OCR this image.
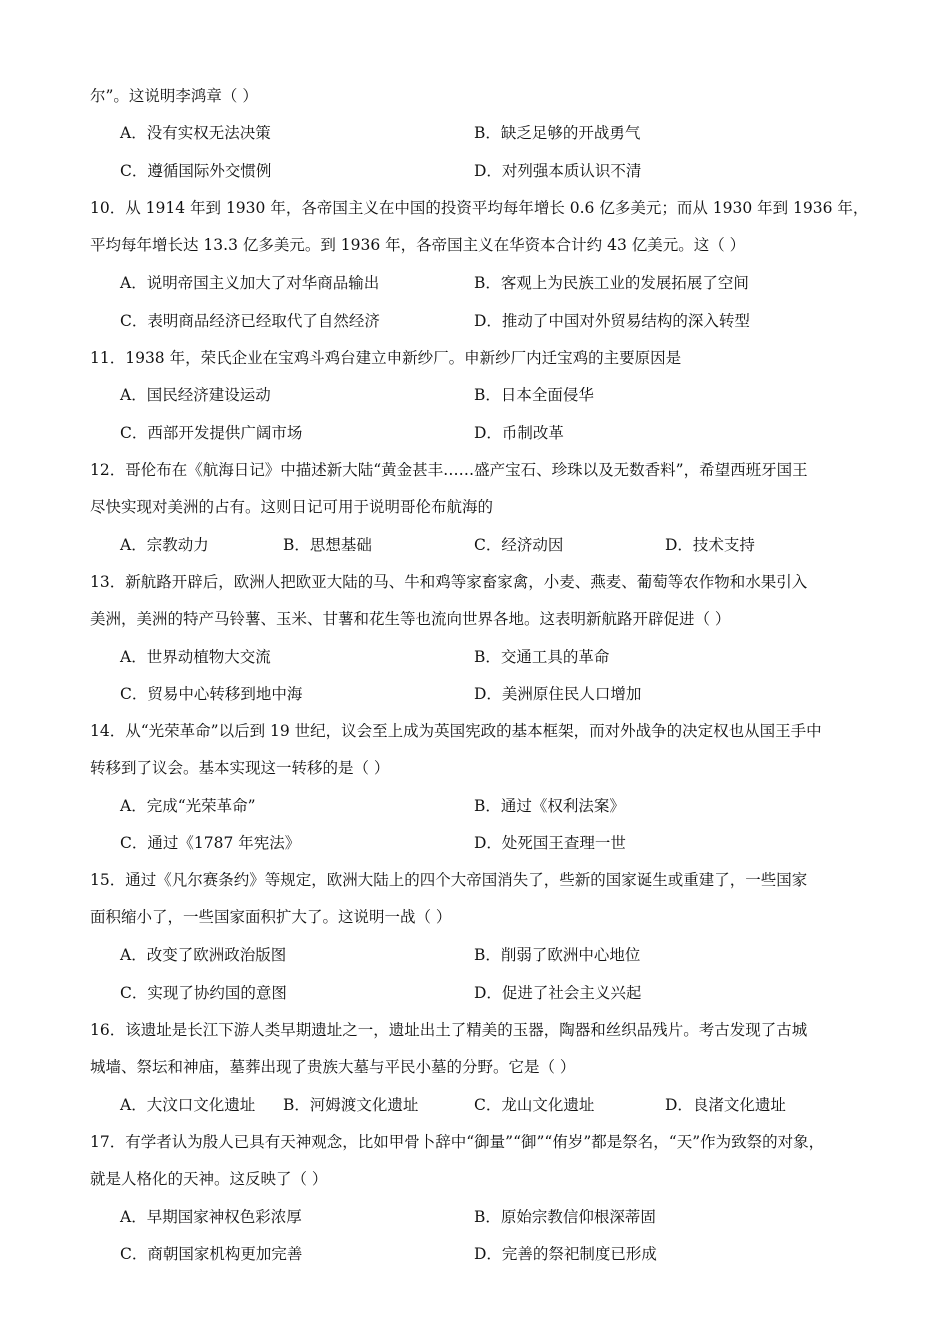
尔”。这说明李鸿章（ ）
A．没有实权无法决策	B．缺乏足够的开战勇气
C．遵循国际外交惯例	D．对列强本质认识不清
10．从 1914 年到 1930 年，各帝国主义在中国的投资平均每年增长 0.6 亿多美元；而从 1930 年到 1936 年，
平均每年增长达 13.3 亿多美元。到 1936 年，各帝国主义在华资本合计约 43 亿美元。这（ ）
A．说明帝国主义加大了对华商品输出	B．客观上为民族工业的发展拓展了空间
C．表明商品经济已经取代了自然经济	D．推动了中国对外贸易结构的深入转型
11．1938 年，荣氏企业在宝鸡斗鸡台建立申新纱厂。申新纱厂内迁宝鸡的主要原因是
A．国民经济建设运动	B．日本全面侵华
C．西部开发提供广阔市场	D．币制改革
12．哥伦布在《航海日记》中描述新大陆“黄金甚丰……盛产宝石、珍珠以及无数香料”，希望西班牙国王
尽快实现对美洲的占有。这则日记可用于说明哥伦布航海的
A．宗教动力	B．思想基础	C．经济动因	D．技术支持
13．新航路开辟后，欧洲人把欧亚大陆的马、牛和鸡等家畜家禽，小麦、燕麦、葡萄等农作物和水果引入
美洲，美洲的特产马铃薯、玉米、甘薯和花生等也流向世界各地。这表明新航路开辟促进（ ）
A．世界动植物大交流	B．交通工具的革命
C．贸易中心转移到地中海	D．美洲原住民人口增加
14．从“光荣革命”以后到 19 世纪，议会至上成为英国宪政的基本框架，而对外战争的决定权也从国王手中
转移到了议会。基本实现这一转移的是（ ）
A．完成“光荣革命”	B．通过《权利法案》
C．通过《1787 年宪法》	D．处死国王查理一世
15．通过《凡尔赛条约》等规定，欧洲大陆上的四个大帝国消失了，些新的国家诞生或重建了，一些国家
面积缩小了，一些国家面积扩大了。这说明一战（ ）
A．改变了欧洲政治版图	B．削弱了欧洲中心地位
C．实现了协约国的意图	D．促进了社会主义兴起
16．该遗址是长江下游人类早期遗址之一，遗址出土了精美的玉器，陶器和丝织品残片。考古发现了古城
城墙、祭坛和神庙，墓葬出现了贵族大墓与平民小墓的分野。它是（ ）
A．大汶口文化遗址 B．河姆渡文化遗址	C．龙山文化遗址	D．良渚文化遗址
17．有学者认为殷人已具有天神观念，比如甲骨卜辞中“御量”“御”“侑岁”都是祭名，“天”作为致祭的对象，
就是人格化的天神。这反映了（ ）
A．早期国家神权色彩浓厚	B．原始宗教信仰根深蒂固
C．商朝国家机构更加完善	D．完善的祭祀制度已形成
